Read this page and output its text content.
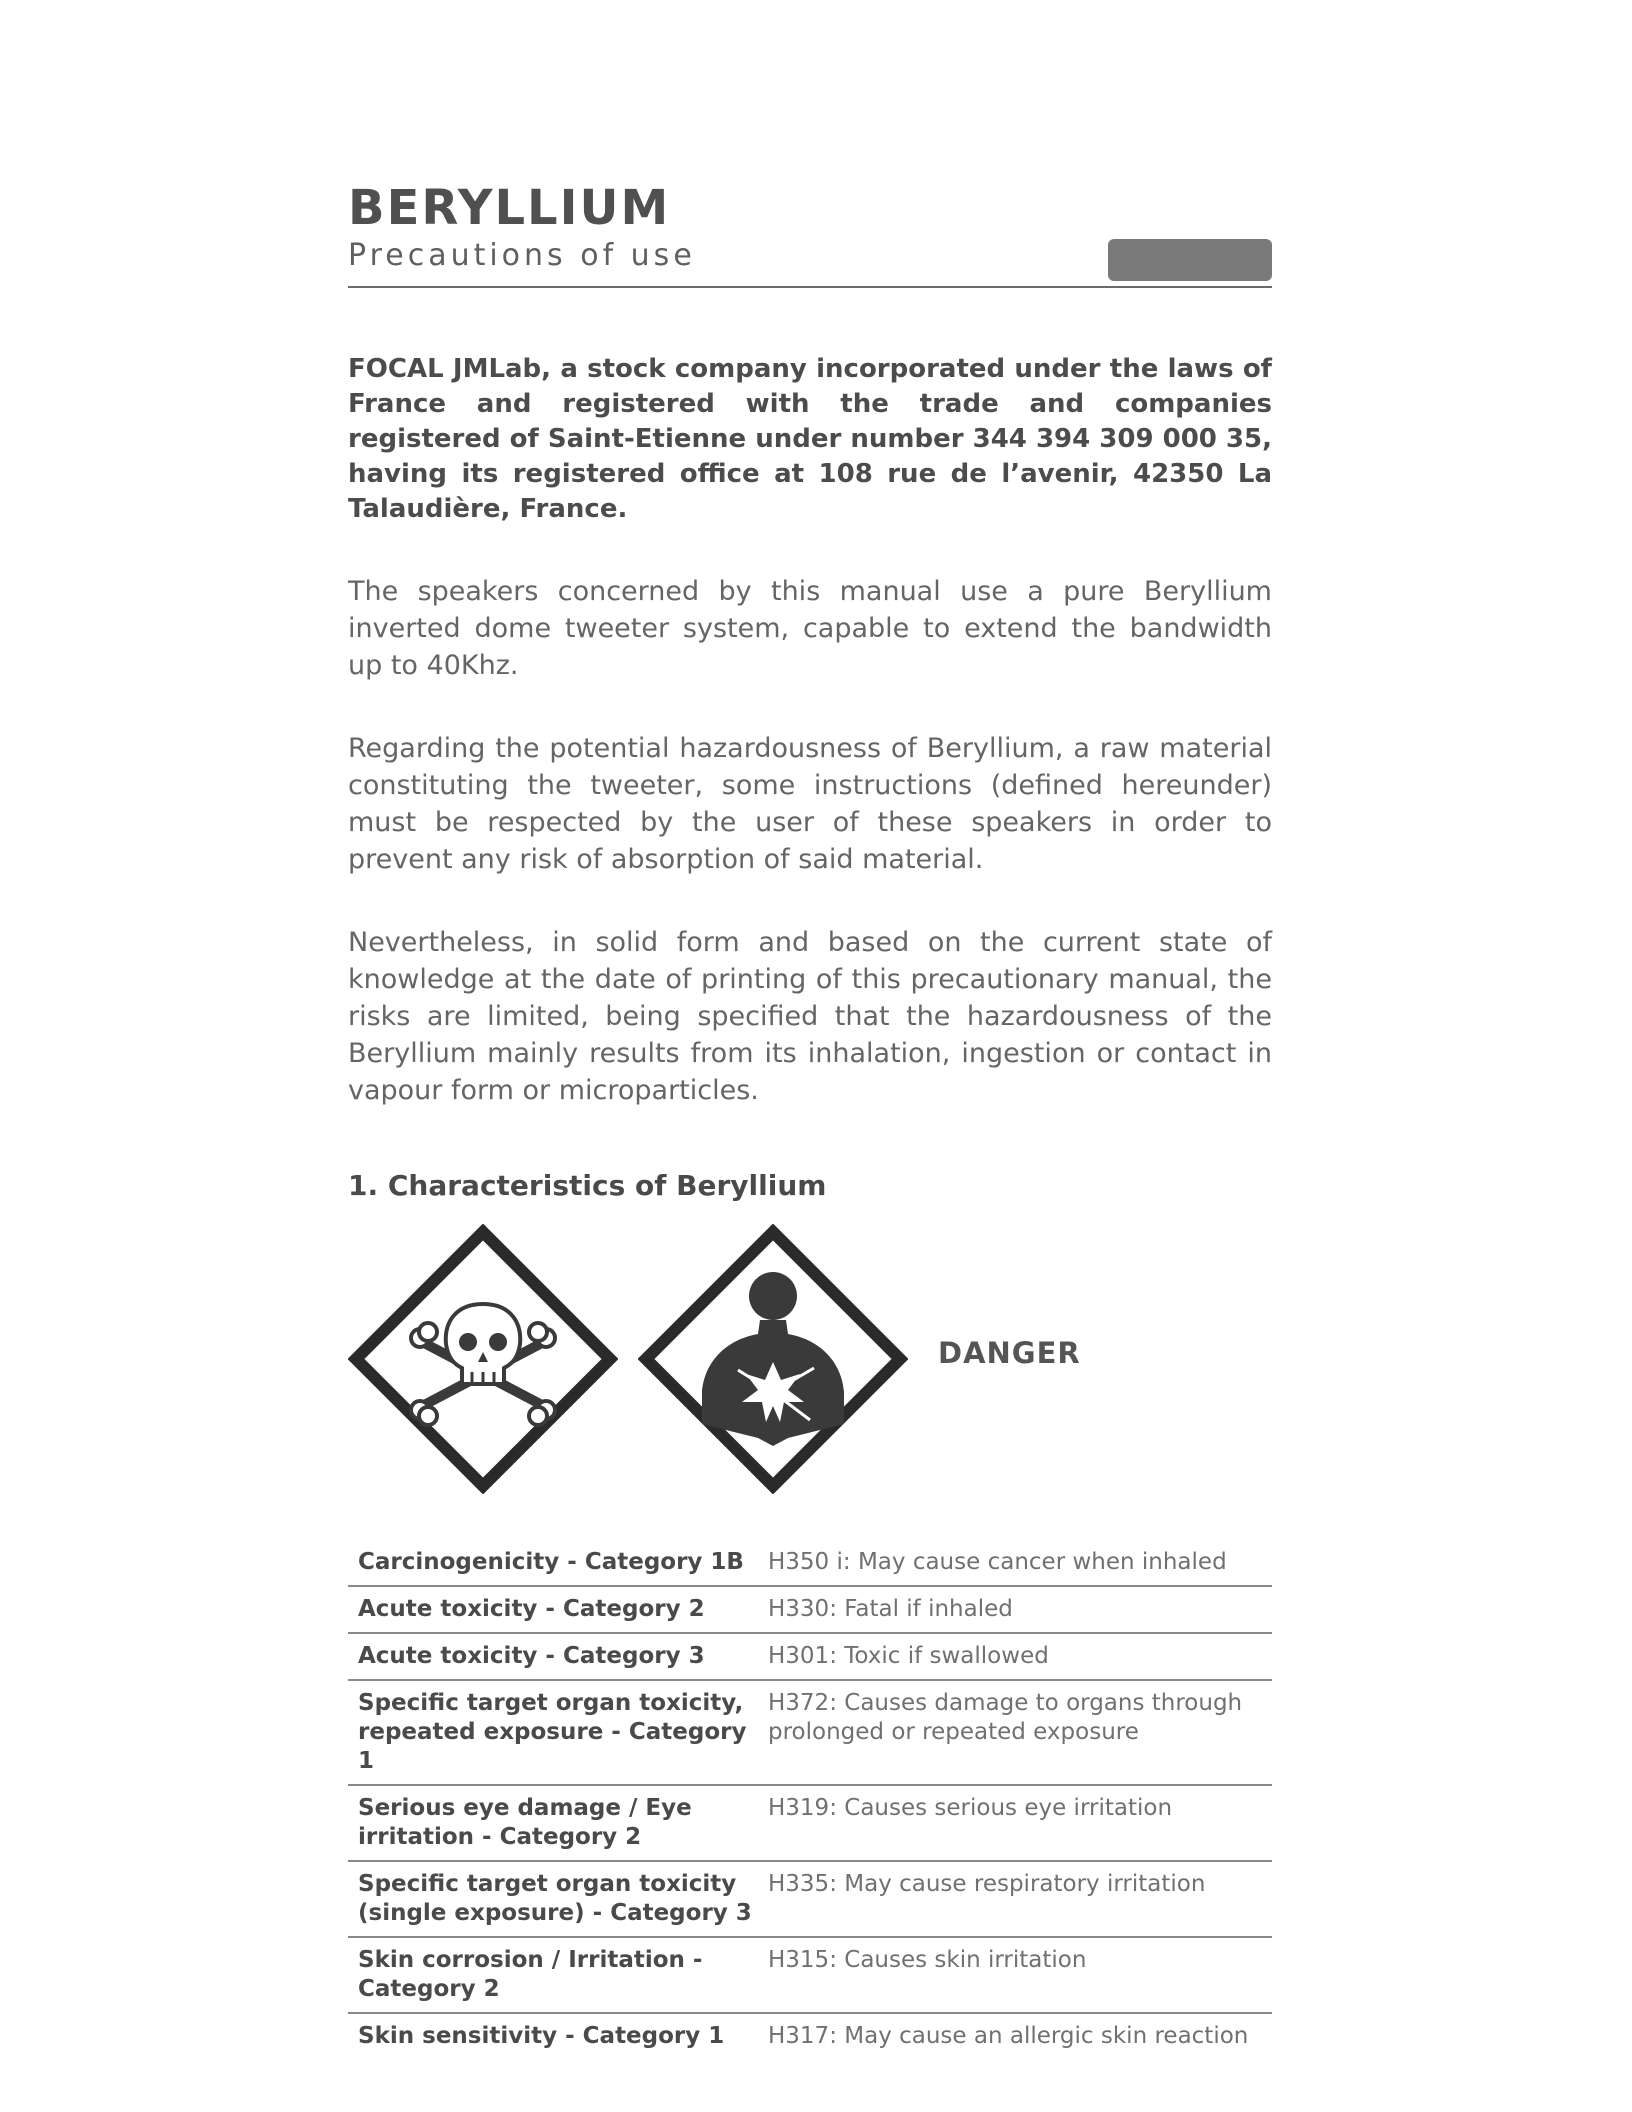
BERYLLIUM
Precautions of use
FOCAL JMLab, a stock company incorporated under the laws of France and registered with the trade and companies registered of Saint-Etienne under number 344 394 309 000 35, having its registered office at 108 rue de l’avenir, 42350 La Talaudière, France.
The speakers concerned by this manual use a pure Beryllium inverted dome tweeter system, capable to extend the bandwidth up to 40Khz.
Regarding the potential hazardousness of Beryllium, a raw material constituting the tweeter, some instructions (defined hereunder) must be respected by the user of these speakers in order to prevent any risk of absorption of said material.
Nevertheless, in solid form and based on the current state of knowledge at the date of printing of this precautionary manual, the risks are limited, being specified that the hazardousness of the Beryllium mainly results from its inhalation, ingestion or contact in vapour form or microparticles.
1. Characteristics of Beryllium
DANGER
Carcinogenicity - Category 1B	H350 i: May cause cancer when inhaled
Acute toxicity - Category 2	H330: Fatal if inhaled
Acute toxicity - Category 3	H301: Toxic if swallowed
Specific target organ toxicity, repeated exposure - Category 1	H372: Causes damage to organs through prolonged or repeated exposure
Serious eye damage / Eye irritation - Category 2	H319: Causes serious eye irritation
Specific target organ toxicity (single exposure) - Category 3	H335: May cause respiratory irritation
Skin corrosion / Irritation - Category 2	H315: Causes skin irritation
Skin sensitivity - Category 1	H317: May cause an allergic skin reaction
